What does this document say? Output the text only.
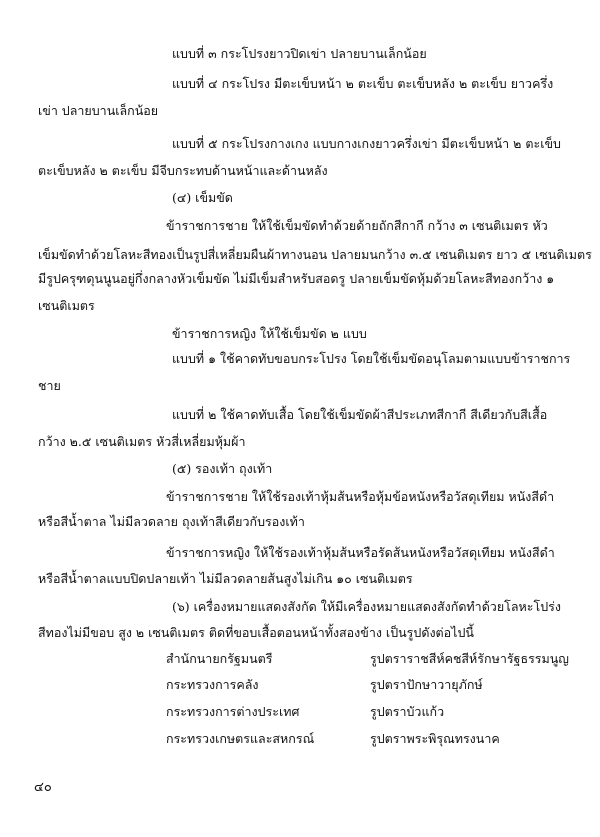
แบบที่ ๓ กระโปรงยาวปิดเข่า ปลายบานเล็กน้อย
แบบที่ ๔ กระโปรง มีตะเข็บหน้า ๒ ตะเข็บ ตะเข็บหลัง ๒ ตะเข็บ ยาวครึ่ง
เข่า ปลายบานเล็กน้อย
แบบที่ ๕ กระโปรงกางเกง แบบกางเกงยาวครึ่งเข่า มีตะเข็บหน้า ๒ ตะเข็บ
ตะเข็บหลัง ๒ ตะเข็บ มีจีบกระทบด้านหน้าและด้านหลัง
(๔) เข็มขัด
ข้าราชการชาย ให้ใช้เข็มขัดทำด้วยด้ายถักสีกากี กว้าง ๓ เซนติเมตร หัว
เข็มขัดทำด้วยโลหะสีทองเป็นรูปสี่เหลี่ยมผืนผ้าทางนอน ปลายมนกว้าง ๓.๕ เซนติเมตร ยาว ๕ เซนติเมตร
มีรูปครุฑดุนนูนอยู่กึ่งกลางหัวเข็มขัด ไม่มีเข็มสำหรับสอดรู ปลายเข็มขัดหุ้มด้วยโลหะสีทองกว้าง ๑
เซนติเมตร
ข้าราชการหญิง ให้ใช้เข็มขัด ๒ แบบ
แบบที่ ๑ ใช้คาดทับขอบกระโปรง โดยใช้เข็มขัดอนุโลมตามแบบข้าราชการ
ชาย
แบบที่ ๒ ใช้คาดทับเสื้อ โดยใช้เข็มขัดผ้าสีประเภทสีกากี สีเดียวกับสีเสื้อ
กว้าง ๒.๕ เซนติเมตร หัวสี่เหลี่ยมหุ้มผ้า
(๕) รองเท้า ถุงเท้า
ข้าราชการชาย ให้ใช้รองเท้าหุ้มส้นหรือหุ้มข้อหนังหรือวัสดุเทียม หนังสีดำ
หรือสีน้ำตาล ไม่มีลวดลาย ถุงเท้าสีเดียวกับรองเท้า
ข้าราชการหญิง ให้ใช้รองเท้าหุ้มส้นหรือรัดส้นหนังหรือวัสดุเทียม หนังสีดำ
หรือสีน้ำตาลแบบปิดปลายเท้า ไม่มีลวดลายส้นสูงไม่เกิน ๑๐ เซนติเมตร
(๖) เครื่องหมายแสดงสังกัด ให้มีเครื่องหมายแสดงสังกัดทำด้วยโลหะโปร่ง
สีทองไม่มีขอบ สูง ๒ เซนติเมตร ติดที่ขอบเสื้อตอนหน้าทั้งสองข้าง เป็นรูปดังต่อไปนี้
สำนักนายกรัฐมนตรี	รูปตราราชสีห์คชสีห์รักษารัฐธรรมนูญ
กระทรวงการคลัง	รูปตราปักษาวายุภักษ์
กระทรวงการต่างประเทศ	รูปตราบัวแก้ว
กระทรวงเกษตรและสหกรณ์	รูปตราพระพิรุณทรงนาค
๔๐
